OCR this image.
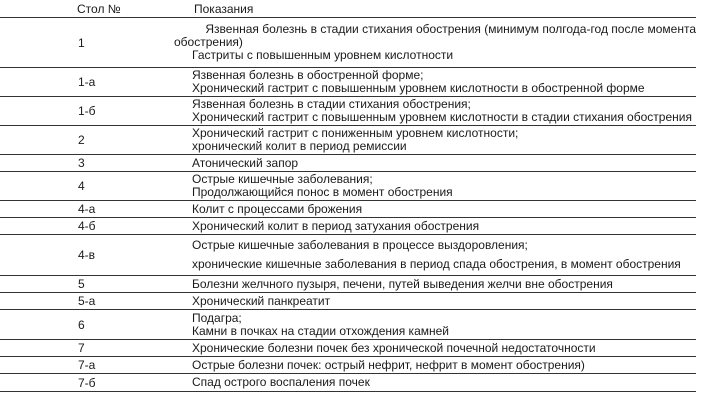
Стол №	Показания
1	Язвенная болезнь в стадии стихания обострения (минимум полгода-год после момента
обострения)
Гастриты с повышенным уровнем кислотности

1-а	Язвенная болезнь в обостренной форме;
Хронический гастрит с повышенным уровнем кислотности в обостренной форме

1-б	Язвенная болезнь в стадии стихания обострения;
Хронический гастрит с повышенным уровнем кислотности в стадии стихания обострения

2	Хронический гастрит с пониженным уровнем кислотности;
хронический колит в период ремиссии

3	Атонический запор

4	Острые кишечные заболевания;
Продолжающийся понос в момент обострения

4-а	Колит с процессами брожения

4-б	Хронический колит в период затухания обострения

4-в	Острые кишечные заболевания в процессе выздоровления;
хронические кишечные заболевания в период спада обострения, в момент обострения

5	Болезни желчного пузыря, печени, путей выведения желчи вне обострения

5-а	Хронический панкреатит

6	Подагра;
Камни в почках на стадии отхождения камней

7	Хронические болезни почек без хронической почечной недостаточности

7-а	Острые болезни почек: острый нефрит, нефрит в момент обострения)

7-б	Спад острого воспаления почек
